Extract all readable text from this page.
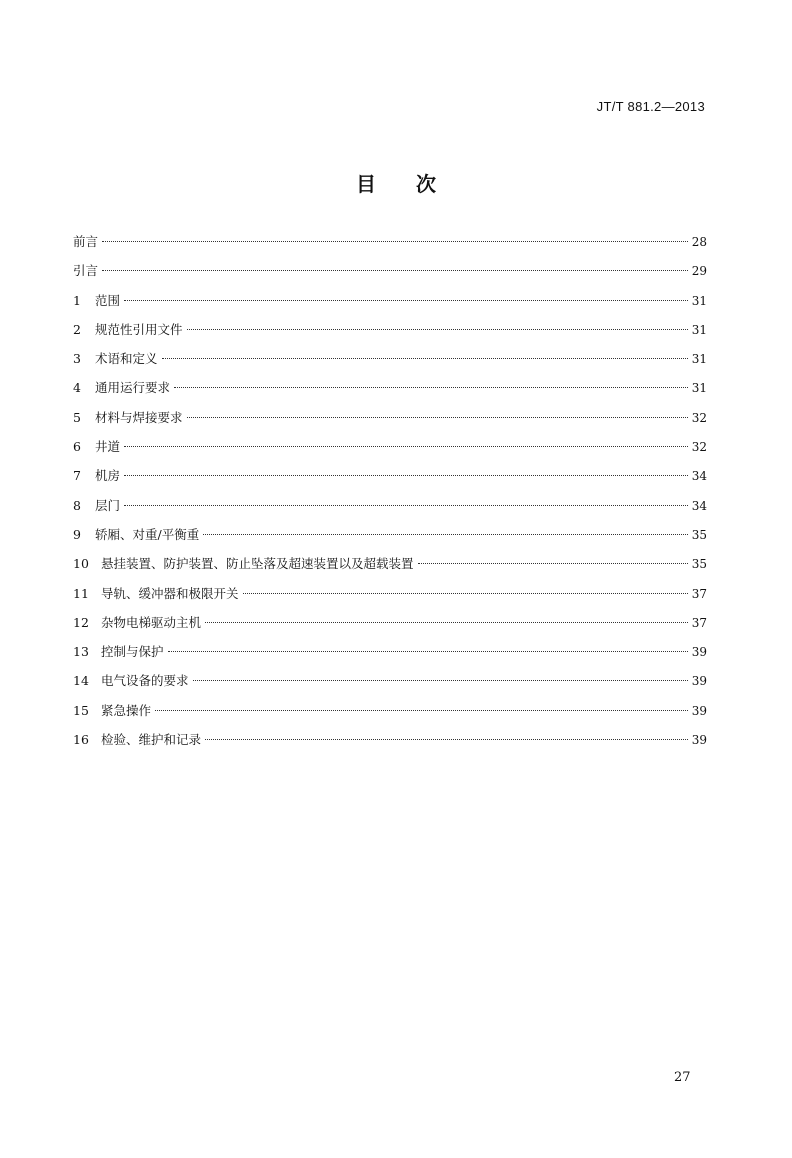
JT/T 881.2—2013
目　　次
前言	28
引言	29
1	范围	31
2	规范性引用文件	31
3	术语和定义	31
4	通用运行要求	31
5	材料与焊接要求	32
6	井道	32
7	机房	34
8	层门	34
9	轿厢、对重/平衡重	35
10 悬挂装置、防护装置、防止坠落及超速装置以及超载装置	35
11 导轨、缓冲器和极限开关	37
12 杂物电梯驱动主机	37
13 控制与保护	39
14 电气设备的要求	39
15 紧急操作	39
16 检验、维护和记录	39
27
